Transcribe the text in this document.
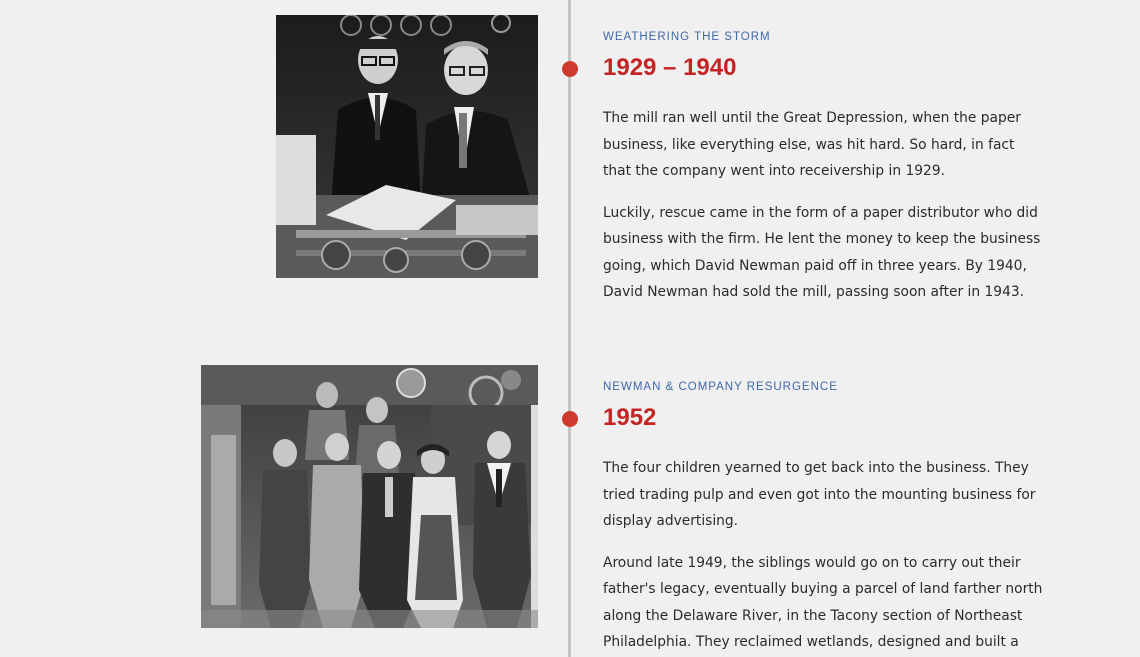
WEATHERING THE STORM

1929 – 1940

The mill ran well until the Great Depression, when the paper
business, like everything else, was hit hard. So hard, in fact
that the company went into receivership in 1929.

Luckily, rescue came in the form of a paper distributor who did
business with the firm. He lent the money to keep the business
going, which David Newman paid off in three years. By 1940,
David Newman had sold the mill, passing soon after in 1943.

NEWMAN & COMPANY RESURGENCE

1952

The four children yearned to get back into the business. They
tried trading pulp and even got into the mounting business for
display advertising.

Around late 1949, the siblings would go on to carry out their
father's legacy, eventually buying a parcel of land farther north
along the Delaware River, in the Tacony section of Northeast
Philadelphia. They reclaimed wetlands, designed and built a
